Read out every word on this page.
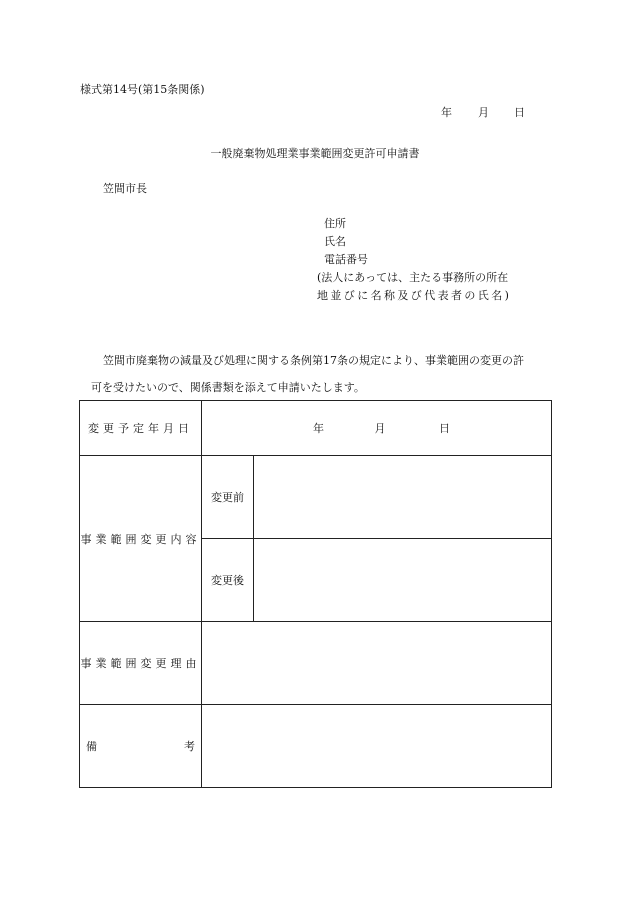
様式第14号(第15条関係)
年 月 日
一般廃棄物処理業事業範囲変更許可申請書
笠間市長
住所
氏名
電話番号
(法人にあっては、主たる事務所の所在
地並びに名称及び代表者の氏名)
笠間市廃棄物の減量及び処理に関する条例第17条の規定により、事業範囲の変更の許
可を受けたいので、関係書類を添えて申請いたします。
変更予定年月日	年 月 日	
事業範囲変更内容	変更前	
	変更後	
事業範囲変更理由		

備 考		
